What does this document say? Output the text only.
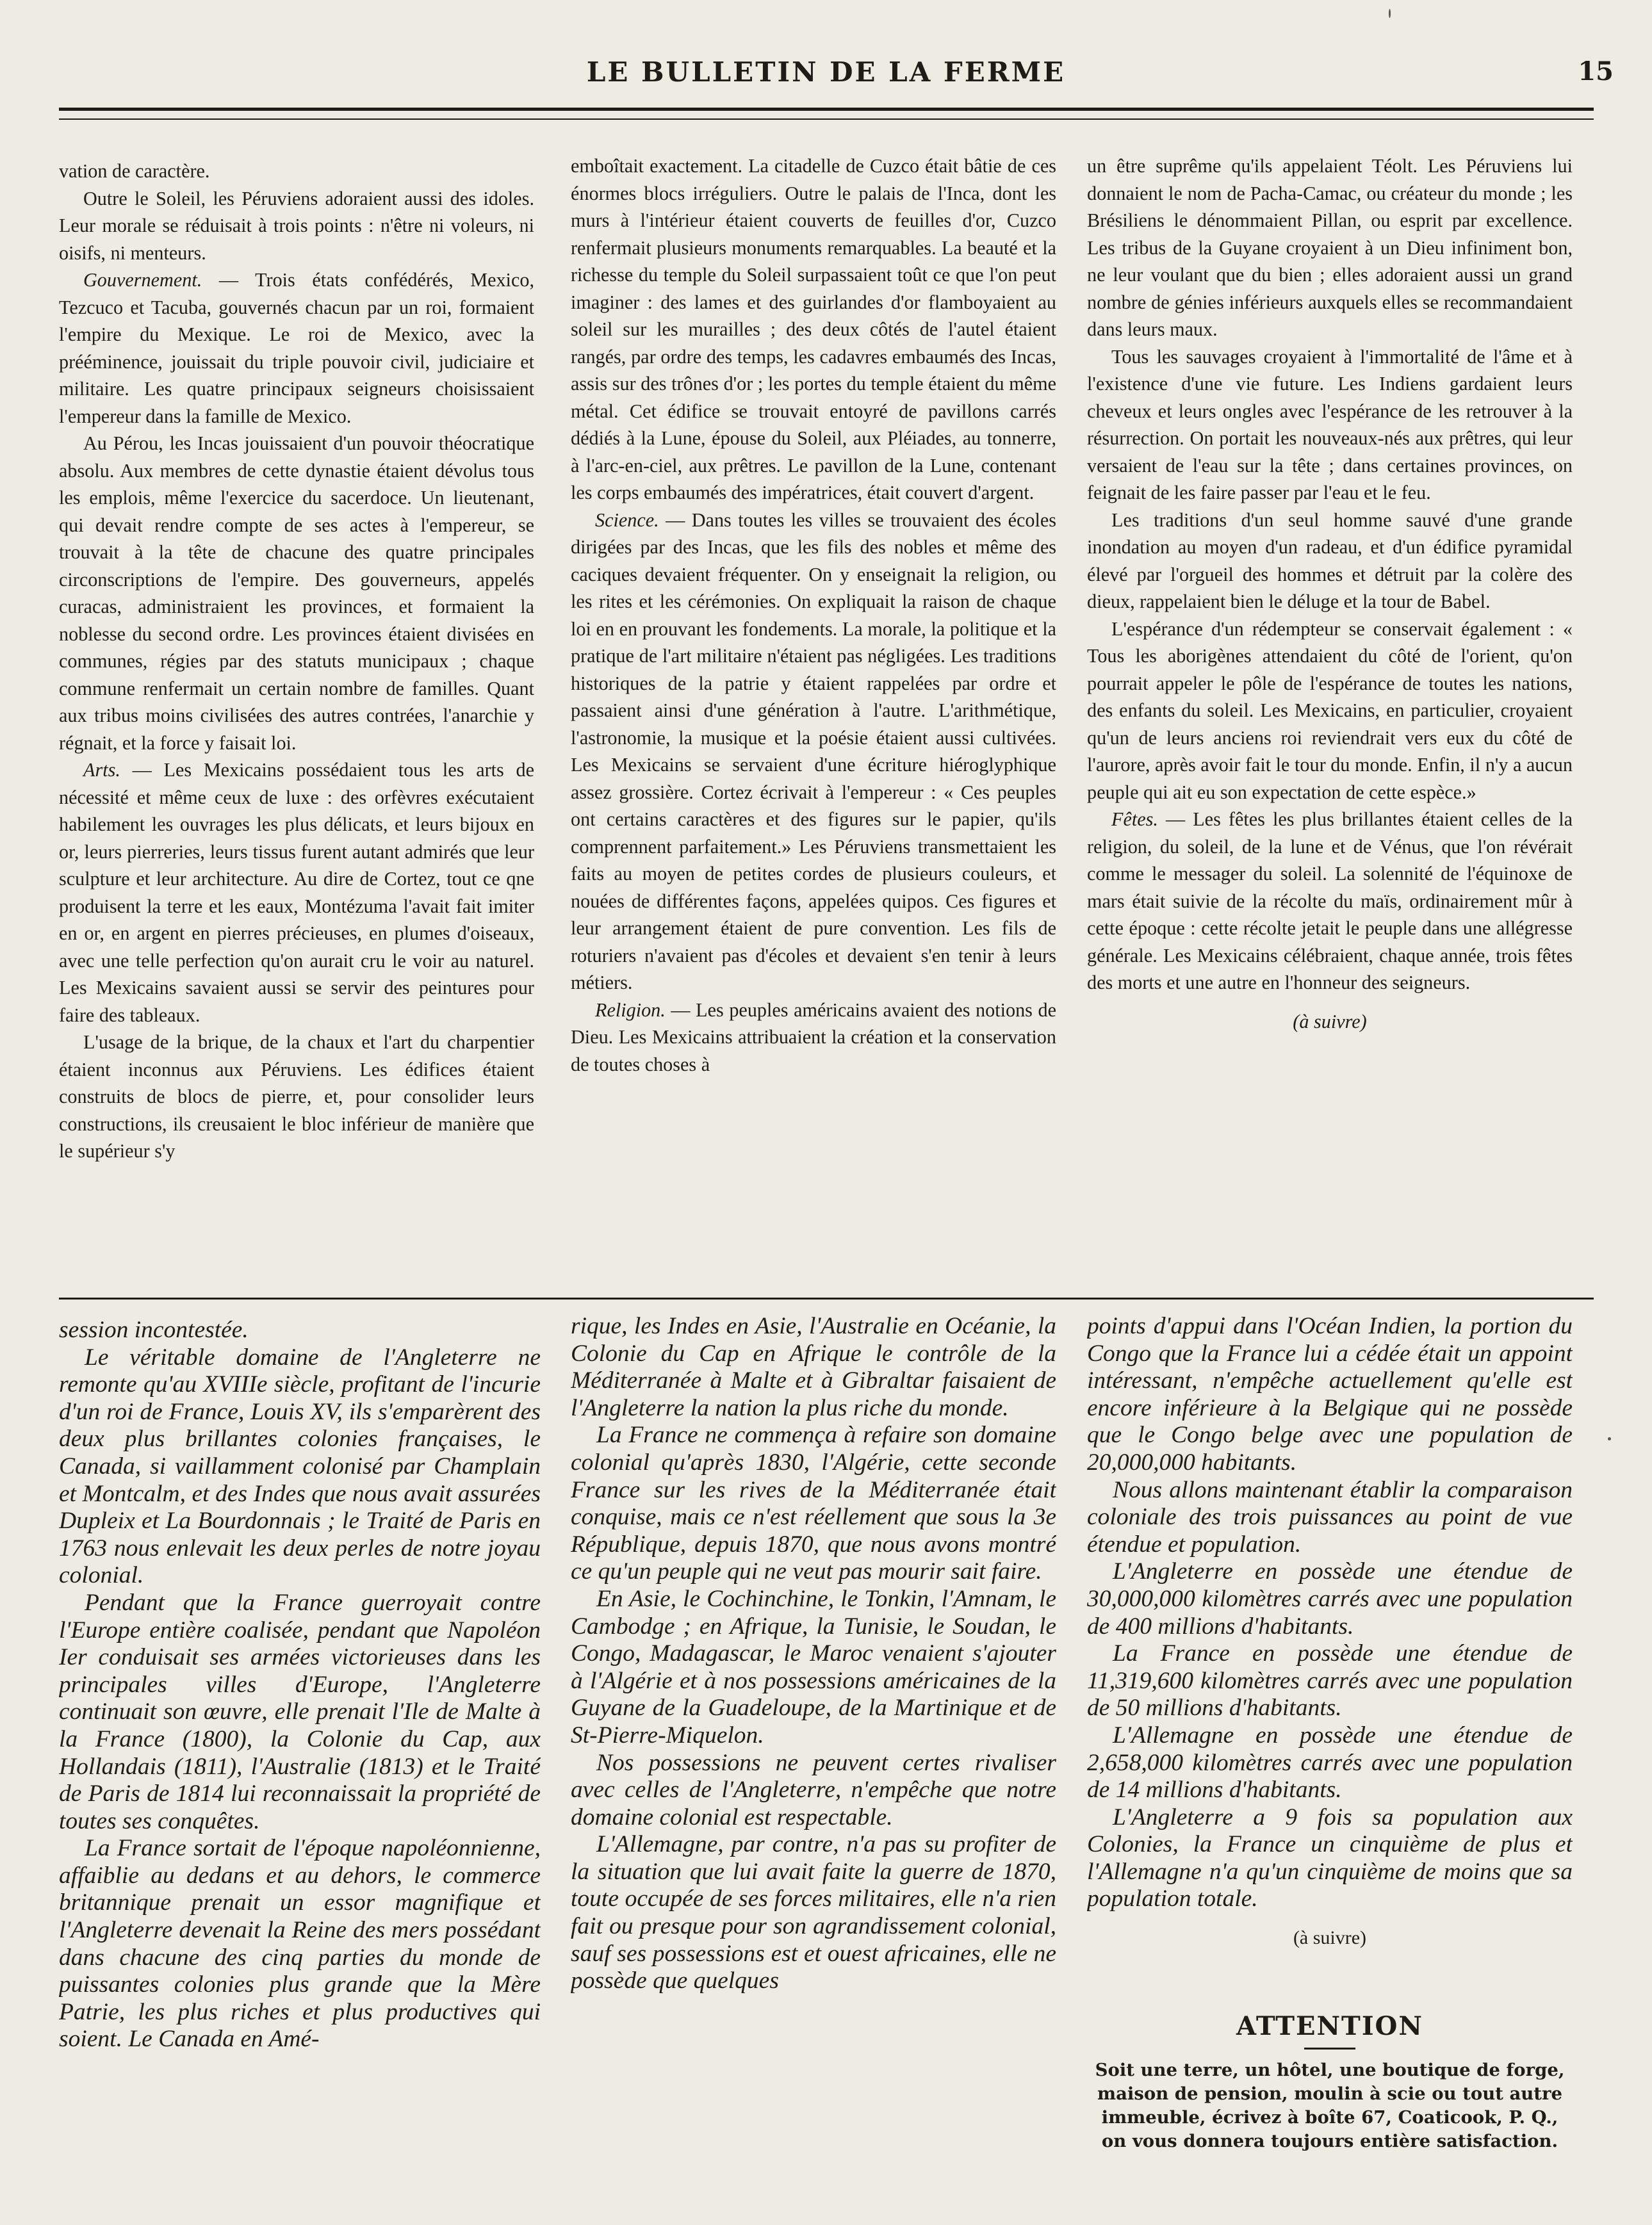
LE BULLETIN DE LA FERME	15

vation de caractère.

Outre le Soleil, les Péruviens adoraient aussi des idoles. Leur morale se réduisait à trois points : n'être ni voleurs, ni oisifs, ni menteurs.

Gouvernement. — Trois états confédérés, Mexico, Tezcuco et Tacuba, gouvernés chacun par un roi, formaient l'empire du Mexique. Le roi de Mexico, avec la prééminence, jouissait du triple pouvoir civil, judiciaire et militaire. Les quatre principaux seigneurs choisissaient l'empereur dans la famille de Mexico.

Au Pérou, les Incas jouissaient d'un pouvoir théocratique absolu. Aux membres de cette dynastie étaient dévolus tous les emplois, même l'exercice du sacerdoce. Un lieutenant, qui devait rendre compte de ses actes à l'empereur, se trouvait à la tête de chacune des quatre principales circonscriptions de l'empire. Des gouverneurs, appelés curacas, administraient les provinces, et formaient la noblesse du second ordre. Les provinces étaient divisées en communes, régies par des statuts municipaux ; chaque commune renfermait un certain nombre de familles. Quant aux tribus moins civilisées des autres contrées, l'anarchie y régnait, et la force y faisait loi.

Arts. — Les Mexicains possédaient tous les arts de nécessité et même ceux de luxe : des orfèvres exécutaient habilement les ouvrages les plus délicats, et leurs bijoux en or, leurs pierreries, leurs tissus furent autant admirés que leur sculpture et leur architecture. Au dire de Cortez, tout ce qne produisent la terre et les eaux, Montézuma l'avait fait imiter en or, en argent en pierres précieuses, en plumes d'oiseaux, avec une telle perfection qu'on aurait cru le voir au naturel. Les Mexicains savaient aussi se servir des peintures pour faire des tableaux.

L'usage de la brique, de la chaux et l'art du charpentier étaient inconnus aux Péruviens. Les édifices étaient construits de blocs de pierre, et, pour consolider leurs constructions, ils creusaient le bloc inférieur de manière que le supérieur s'y

emboîtait exactement. La citadelle de Cuzco était bâtie de ces énormes blocs irréguliers. Outre le palais de l'Inca, dont les murs à l'intérieur étaient couverts de feuilles d'or, Cuzco renfermait plusieurs monuments remarquables. La beauté et la richesse du temple du Soleil surpassaient toût ce que l'on peut imaginer : des lames et des guirlandes d'or flamboyaient au soleil sur les murailles ; des deux côtés de l'autel étaient rangés, par ordre des temps, les cadavres embaumés des Incas, assis sur des trônes d'or ; les portes du temple étaient du même métal. Cet édifice se trouvait entoyré de pavillons carrés dédiés à la Lune, épouse du Soleil, aux Pléiades, au tonnerre, à l'arc-en-ciel, aux prêtres. Le pavillon de la Lune, contenant les corps embaumés des impératrices, était couvert d'argent.

Science. — Dans toutes les villes se trouvaient des écoles dirigées par des Incas, que les fils des nobles et même des caciques devaient fréquenter. On y enseignait la religion, ou les rites et les cérémonies. On expliquait la raison de chaque loi en en prouvant les fondements. La morale, la politique et la pratique de l'art militaire n'étaient pas négligées. Les traditions historiques de la patrie y étaient rappelées par ordre et passaient ainsi d'une génération à l'autre. L'arithmétique, l'astronomie, la musique et la poésie étaient aussi cultivées. Les Mexicains se servaient d'une écriture hiéroglyphique assez grossière. Cortez écrivait à l'empereur : « Ces peuples ont certains caractères et des figures sur le papier, qu'ils comprennent parfaitement.» Les Péruviens transmettaient les faits au moyen de petites cordes de plusieurs couleurs, et nouées de différentes façons, appelées quipos. Ces figures et leur arrangement étaient de pure convention. Les fils de roturiers n'avaient pas d'écoles et devaient s'en tenir à leurs métiers.

Religion. — Les peuples américains avaient des notions de Dieu. Les Mexicains attribuaient la création et la conservation de toutes choses à

un être suprême qu'ils appelaient Téolt. Les Péruviens lui donnaient le nom de Pacha-Camac, ou créateur du monde ; les Brésiliens le dénommaient Pillan, ou esprit par excellence. Les tribus de la Guyane croyaient à un Dieu infiniment bon, ne leur voulant que du bien ; elles adoraient aussi un grand nombre de génies inférieurs auxquels elles se recommandaient dans leurs maux.

Tous les sauvages croyaient à l'immortalité de l'âme et à l'existence d'une vie future. Les Indiens gardaient leurs cheveux et leurs ongles avec l'espérance de les retrouver à la résurrection. On portait les nouveaux-nés aux prêtres, qui leur versaient de l'eau sur la tête ; dans certaines provinces, on feignait de les faire passer par l'eau et le feu.

Les traditions d'un seul homme sauvé d'une grande inondation au moyen d'un radeau, et d'un édifice pyramidal élevé par l'orgueil des hommes et détruit par la colère des dieux, rappelaient bien le déluge et la tour de Babel.

L'espérance d'un rédempteur se conservait également : « Tous les aborigènes attendaient du côté de l'orient, qu'on pourrait appeler le pôle de l'espérance de toutes les nations, des enfants du soleil. Les Mexicains, en particulier, croyaient qu'un de leurs anciens roi reviendrait vers eux du côté de l'aurore, après avoir fait le tour du monde. Enfin, il n'y a aucun peuple qui ait eu son expectation de cette espèce.»

Fêtes. — Les fêtes les plus brillantes étaient celles de la religion, du soleil, de la lune et de Vénus, que l'on révérait comme le messager du soleil. La solennité de l'équinoxe de mars était suivie de la récolte du maïs, ordinairement mûr à cette époque : cette récolte jetait le peuple dans une allégresse générale. Les Mexicains célébraient, chaque année, trois fêtes des morts et une autre en l'honneur des seigneurs.

(à suivre)

session incontestée.

Le véritable domaine de l'Angleterre ne remonte qu'au XVIIIe siècle, profitant de l'incurie d'un roi de France, Louis XV, ils s'emparèrent des deux plus brillantes colonies françaises, le Canada, si vaillamment colonisé par Champlain et Montcalm, et des Indes que nous avait assurées Dupleix et La Bourdonnais ; le Traité de Paris en 1763 nous enlevait les deux perles de notre joyau colonial.

Pendant que la France guerroyait contre l'Europe entière coalisée, pendant que Napoléon Ier conduisait ses armées victorieuses dans les principales villes d'Europe, l'Angleterre continuait son œuvre, elle prenait l'Ile de Malte à la France (1800), la Colonie du Cap, aux Hollandais (1811), l'Australie (1813) et le Traité de Paris de 1814 lui reconnaissait la propriété de toutes ses conquêtes.

La France sortait de l'époque napoléonnienne, affaiblie au dedans et au dehors, le commerce britannique prenait un essor magnifique et l'Angleterre devenait la Reine des mers possédant dans chacune des cinq parties du monde de puissantes colonies plus grande que la Mère Patrie, les plus riches et plus productives qui soient. Le Canada en Amé-

rique, les Indes en Asie, l'Australie en Océanie, la Colonie du Cap en Afrique le contrôle de la Méditerranée à Malte et à Gibraltar faisaient de l'Angleterre la nation la plus riche du monde.

La France ne commença à refaire son domaine colonial qu'après 1830, l'Algérie, cette seconde France sur les rives de la Méditerranée était conquise, mais ce n'est réellement que sous la 3e République, depuis 1870, que nous avons montré ce qu'un peuple qui ne veut pas mourir sait faire.

En Asie, le Cochinchine, le Tonkin, l'Amnam, le Cambodge ; en Afrique, la Tunisie, le Soudan, le Congo, Madagascar, le Maroc venaient s'ajouter à l'Algérie et à nos possessions américaines de la Guyane de la Guadeloupe, de la Martinique et de St-Pierre-Miquelon.

Nos possessions ne peuvent certes rivaliser avec celles de l'Angleterre, n'empêche que notre domaine colonial est respectable.

L'Allemagne, par contre, n'a pas su profiter de la situation que lui avait faite la guerre de 1870, toute occupée de ses forces militaires, elle n'a rien fait ou presque pour son agrandissement colonial, sauf ses possessions est et ouest africaines, elle ne possède que quelques

points d'appui dans l'Océan Indien, la portion du Congo que la France lui a cédée était un appoint intéressant, n'empêche actuellement qu'elle est encore inférieure à la Belgique qui ne possède que le Congo belge avec une population de 20,000,000 habitants.

Nous allons maintenant établir la comparaison coloniale des trois puissances au point de vue étendue et population.

L'Angleterre en possède une étendue de 30,000,000 kilomètres carrés avec une population de 400 millions d'habitants.

La France en possède une étendue de 11,319,600 kilomètres carrés avec une population de 50 millions d'habitants.

L'Allemagne en possède une étendue de 2,658,000 kilomètres carrés avec une population de 14 millions d'habitants.

L'Angleterre a 9 fois sa population aux Colonies, la France un cinquième de plus et l'Allemagne n'a qu'un cinquième de moins que sa population totale.

(à suivre)

ATTENTION
Soit une terre, un hôtel, une boutique de forge, maison de pension, moulin à scie ou tout autre immeuble, écrivez à boîte 67, Coaticook, P. Q., on vous donnera toujours entière satisfaction.
